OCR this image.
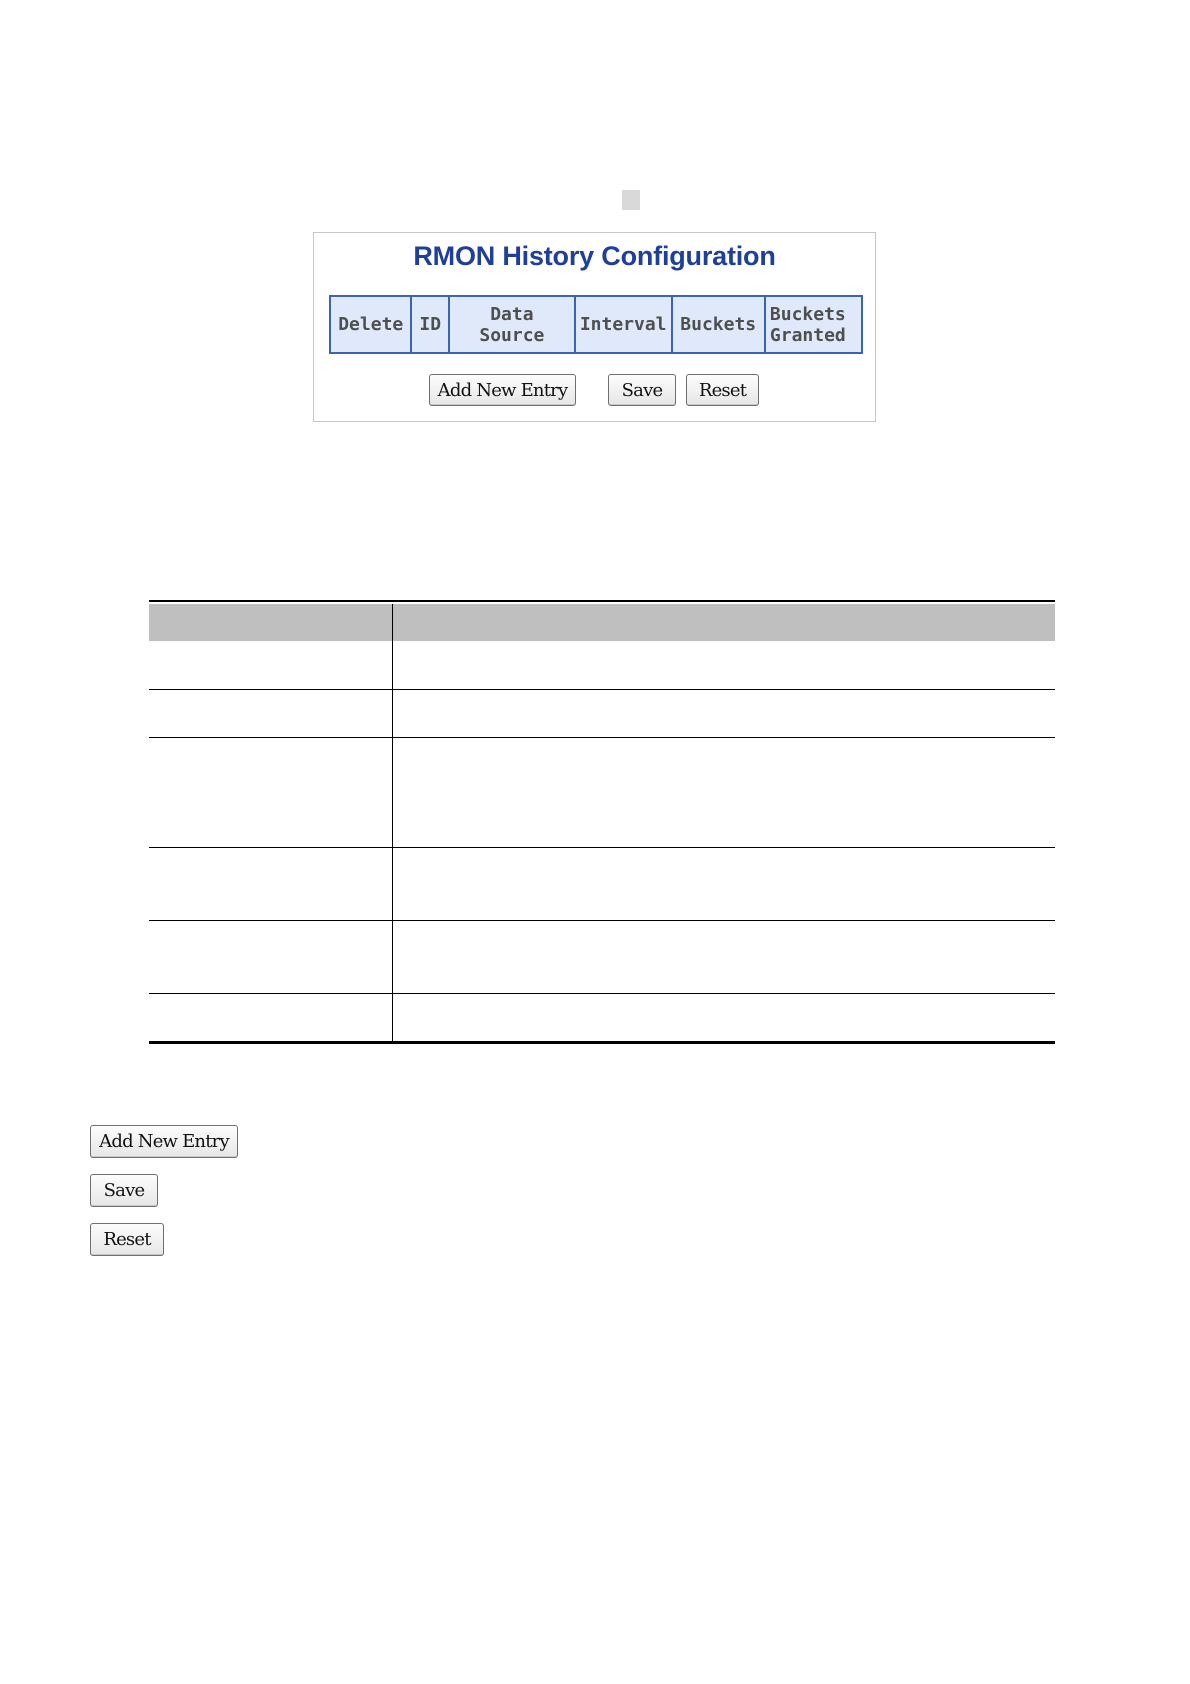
RMON History Configuration
Delete	ID	Data Source	Interval	Buckets	Buckets Granted
Add New Entry	Save	Reset
Add New Entry
Save
Reset
